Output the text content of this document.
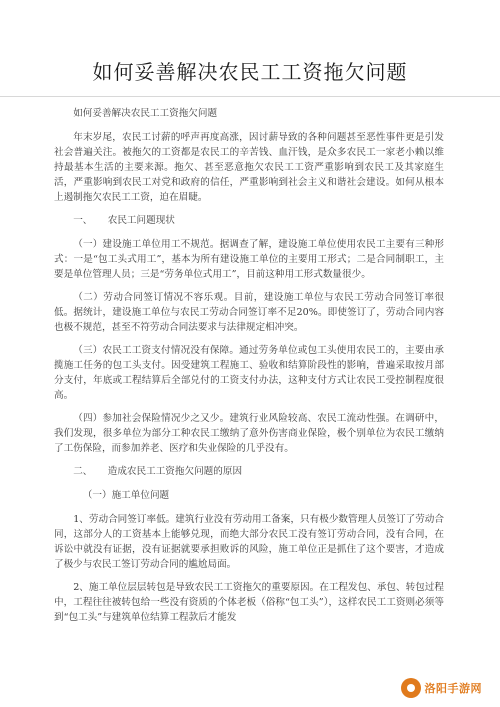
如何妥善解决农民工工资拖欠问题

如何妥善解决农民工工资拖欠问题

年末岁尾，农民工讨薪的呼声再度高涨，因讨薪导致的各种问题甚至恶性事件更是引发社会普遍关注。被拖欠的工资都是农民工的辛苦钱、血汗钱，是众多农民工一家老小赖以维持最基本生活的主要来源。拖欠、甚至恶意拖欠农民工工资严重影响到农民工及其家庭生活，严重影响到农民工对党和政府的信任，严重影响到社会主义和谐社会建设。如何从根本上遏制拖欠农民工工资，迫在眉睫。

一、 农民工问题现状

（一）建设施工单位用工不规范。据调查了解，建设施工单位使用农民工主要有三种形式：一是“包工头式用工”，基本为所有建设施工单位的主要用工形式；二是合同制职工，主要是单位管理人员；三是“劳务单位式用工”，目前这种用工形式数量很少。

（二）劳动合同签订情况不容乐观。目前，建设施工单位与农民工劳动合同签订率很低。据统计，建设施工单位与农民工劳动合同签订率不足20%。即使签订了，劳动合同内容也极不规范，甚至不符劳动合同法要求与法律规定相冲突。

（三）农民工工资支付情况没有保障。通过劳务单位或包工头使用农民工的，主要由承揽施工任务的包工头支付。因受建筑工程施工、验收和结算阶段性的影响，普遍采取按月部分支付，年底或工程结算后全部兑付的工资支付办法，这种支付方式让农民工受控制程度很高。

（四）参加社会保险情况少之又少。建筑行业风险较高、农民工流动性强。在调研中，我们发现，很多单位为部分工种农民工缴纳了意外伤害商业保险，极个别单位为农民工缴纳了工伤保险，而参加养老、医疗和失业保险的几乎没有。

二、 造成农民工工资拖欠问题的原因

（一）施工单位问题

1、劳动合同签订率低。建筑行业没有劳动用工备案，只有极少数管理人员签订了劳动合同，这部分人的工资基本上能够兑现，而绝大部分农民工没有签订劳动合同，没有合同，在诉讼中就没有证据，没有证据就要承担败诉的风险，施工单位正是抓住了这个要害，才造成了极少与农民工签订劳动合同的尴尬局面。

2、施工单位层层转包是导致农民工工资拖欠的重要原因。在工程发包、承包、转包过程中，工程往往被转包给一些没有资质的个体老板（俗称“包工头”），这样农民工工资则必须等到“包工头”与建筑单位结算工程款后才能发

洛阳手游网
